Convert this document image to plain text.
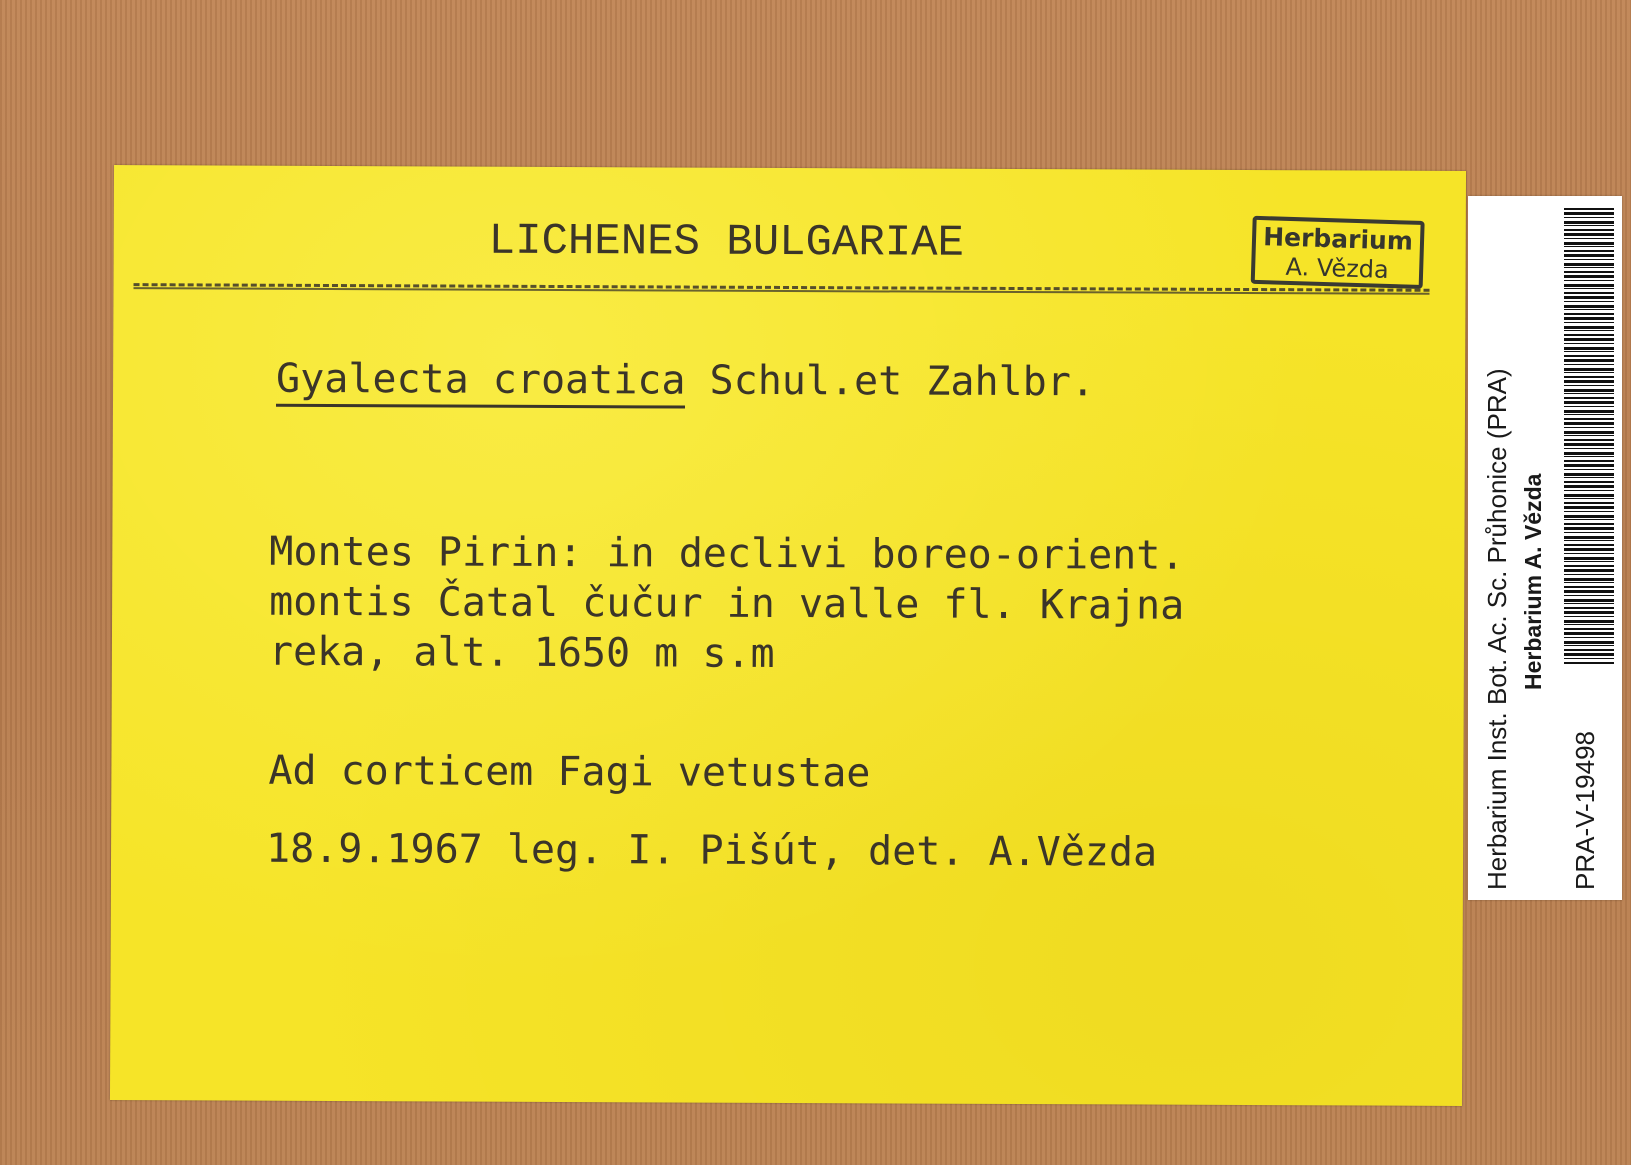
LICHENES BULGARIAE	Herbarium
A. Vězda
Gyalecta croatica Schul.et Zahlbr.
Montes Pirin: in declivi boreo-orient.
montis Čatal čučur in valle fl. Krajna
reka, alt. 1650 m s.m
Ad corticem Fagi vetustae
18.9.1967 leg. I. Pišút, det. A.Vězda	Herbarium Inst. Bot. Ac. Sc. Průhonice (PRA) Herbarium A. Vězda
PRA-V-19498
